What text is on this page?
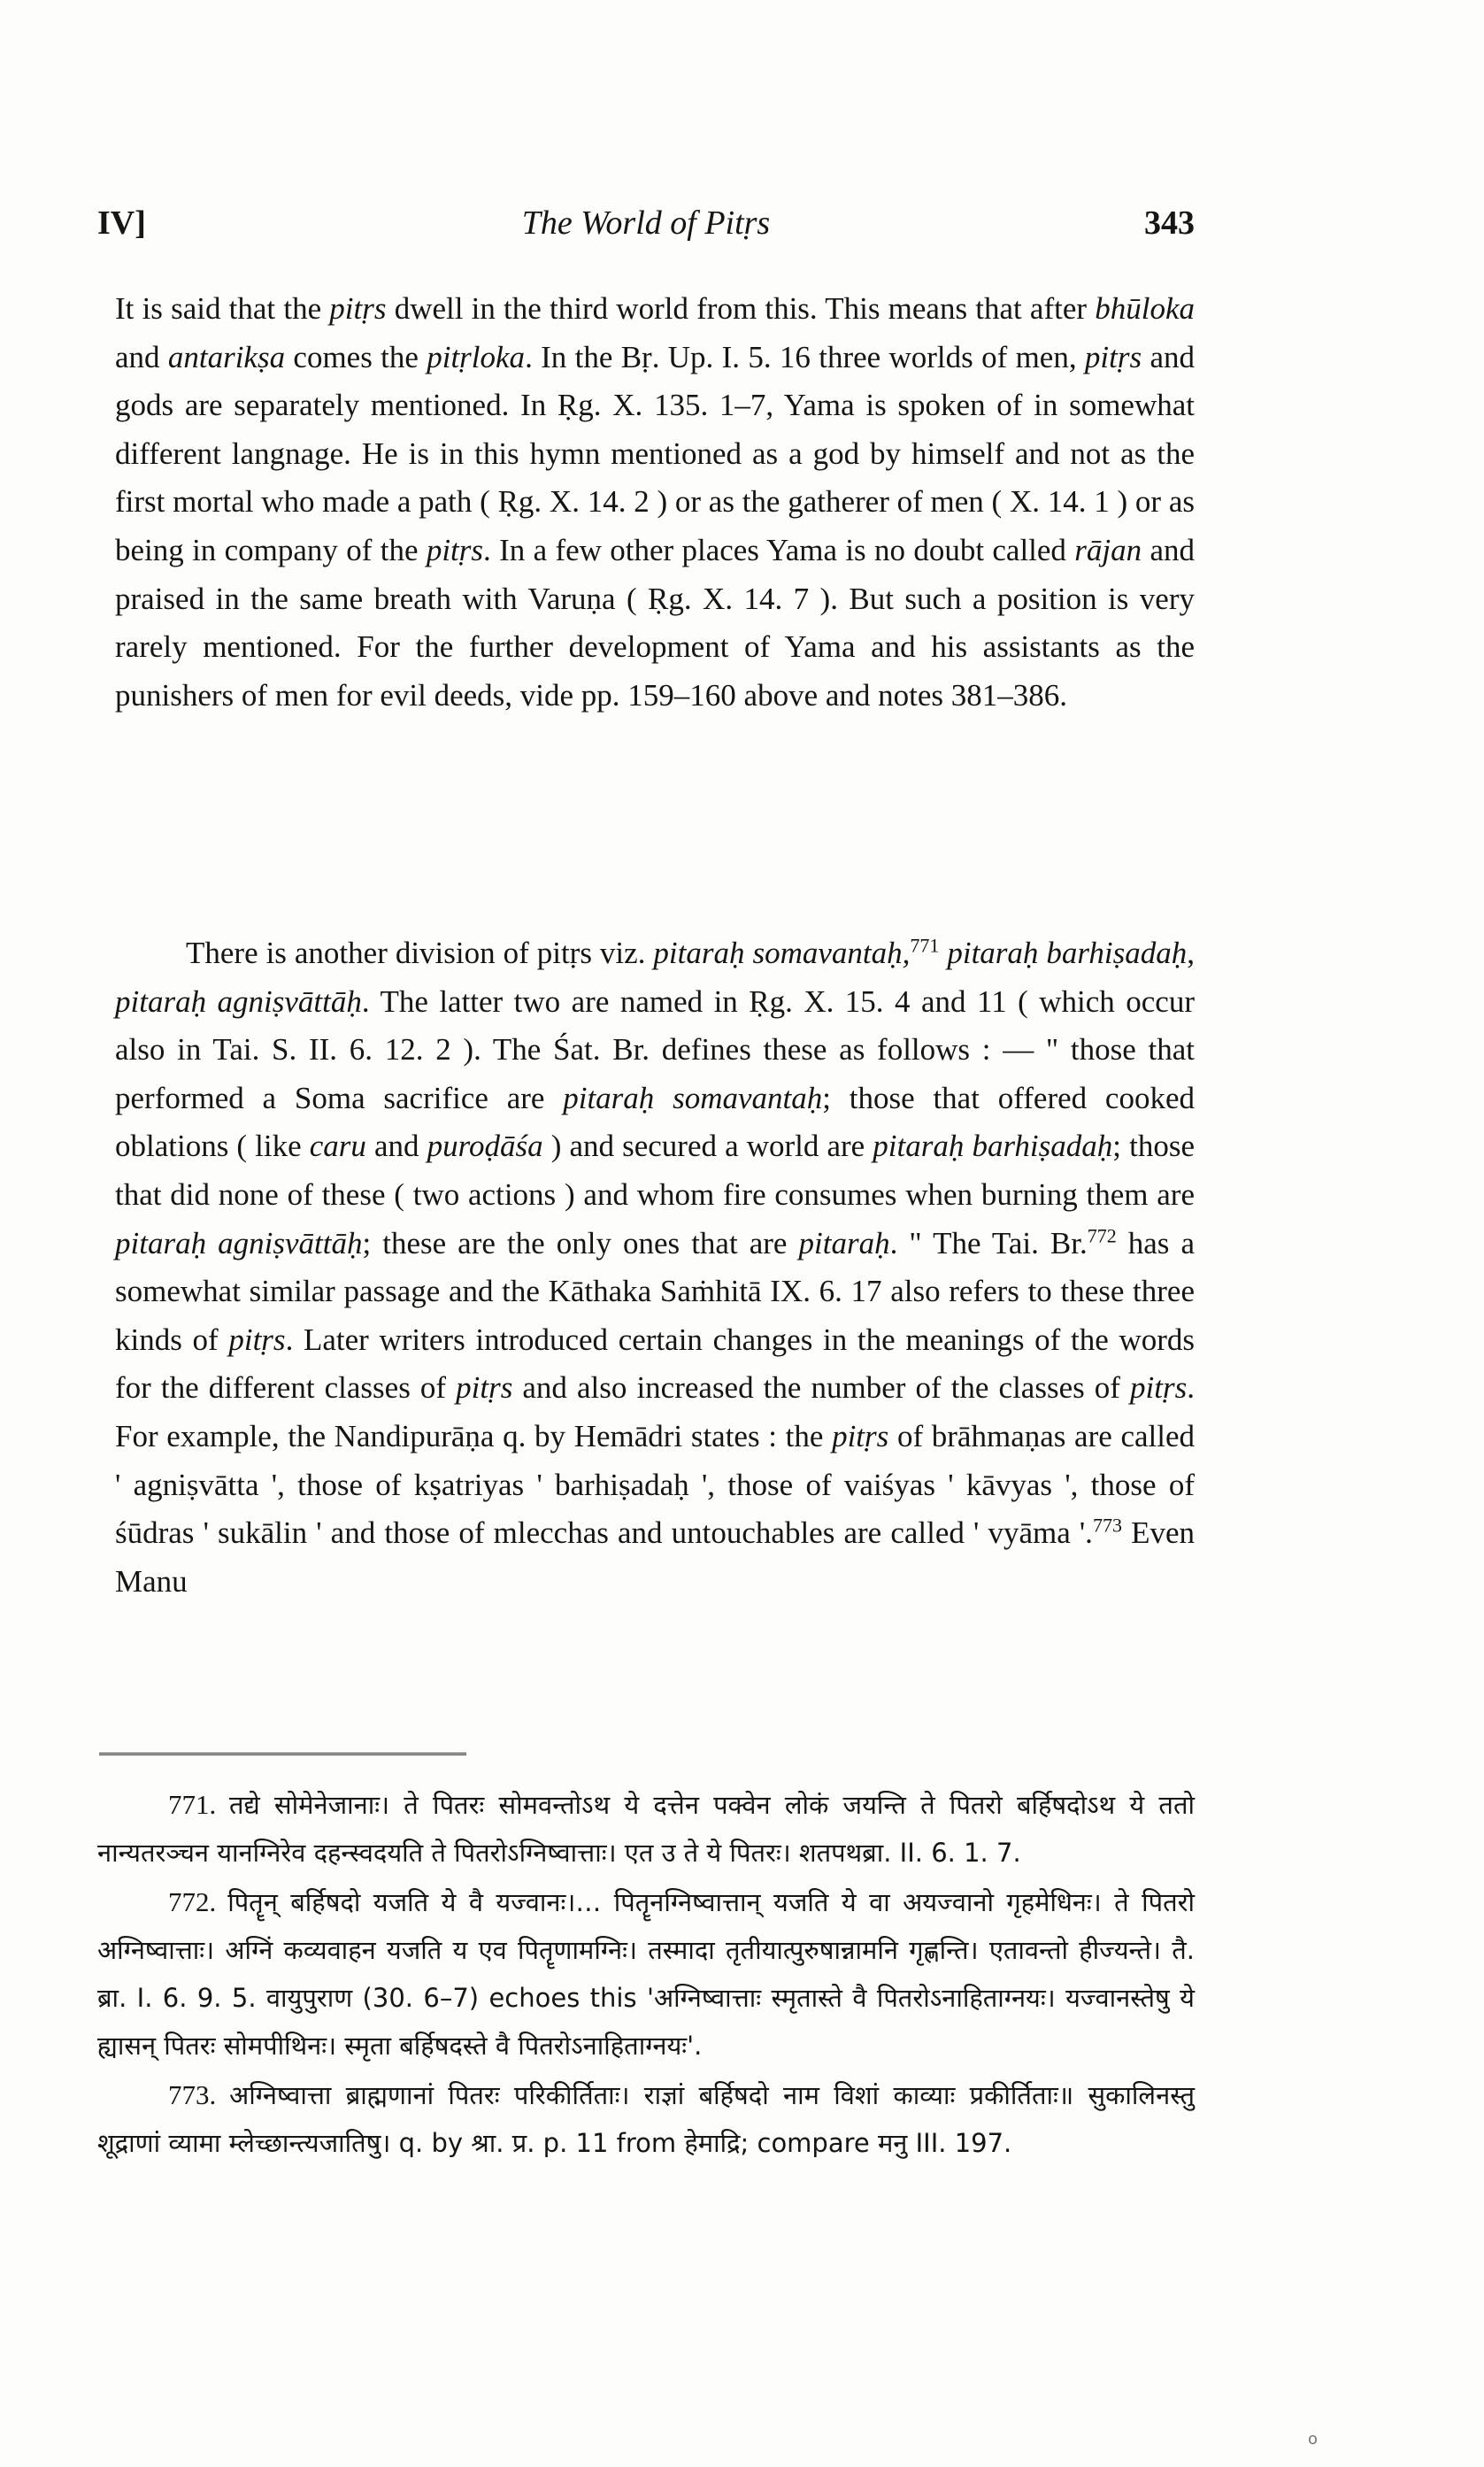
IV]	The World of Pitṛs	343

It is said that the pitṛs dwell in the third world from this. This means that after bhūloka and antarikṣa comes the pitṛloka. In the Bṛ. Up. I. 5. 16 three worlds of men, pitṛs and gods are separately mentioned. In Ṛg. X. 135. 1–7, Yama is spoken of in somewhat different langnage. He is in this hymn mentioned as a god by himself and not as the first mortal who made a path ( Ṛg. X. 14. 2 ) or as the gatherer of men ( X. 14. 1 ) or as being in company of the pitṛs. In a few other places Yama is no doubt called rājan and praised in the same breath with Varuṇa ( Ṛg. X. 14. 7 ). But such a position is very rarely mentioned. For the further development of Yama and his assistants as the punishers of men for evil deeds, vide pp. 159–160 above and notes 381–386.

There is another division of pitṛs viz. pitaraḥ somavantaḥ,$^{771}$ pitaraḥ barhiṣadaḥ, pitaraḥ agniṣvāttāḥ. The latter two are named in Ṛg. X. 15. 4 and 11 ( which occur also in Tai. S. II. 6. 12. 2 ). The Śat. Br. defines these as follows : — " those that performed a Soma sacrifice are pitaraḥ somavantaḥ; those that offered cooked oblations ( like caru and puroḍāśa ) and secured a world are pitaraḥ barhiṣadaḥ; those that did none of these ( two actions ) and whom fire consumes when burning them are pitaraḥ agniṣvāttāḥ; these are the only ones that are pitaraḥ. " The Tai. Br.$^{772}$ has a somewhat similar passage and the Kāthaka Saṁhitā IX. 6. 17 also refers to these three kinds of pitṛs. Later writers introduced certain changes in the meanings of the words for the different classes of pitṛs and also increased the number of the classes of pitṛs. For example, the Nandipurāṇa q. by Hemādri states : the pitṛs of brāhmaṇas are called ' agniṣvātta ', those of kṣatriyas ' barhiṣadaḥ ', those of vaiśyas ' kāvyas ', those of śūdras ' sukālin ' and those of mlecchas and untouchables are called ' vyāma '.$^{773}$ Even Manu

771. तद्ये सोमेनेजानाः। ते पितरः सोमवन्तोऽथ ये दत्तेन पक्वेन लोकं जयन्ति ते पितरो बर्हिषदोऽथ ये ततो नान्यतरञ्चन यानग्निरेव दहन्स्वदयति ते पितरोऽग्निष्वात्ताः। एत उ ते ये पितरः। शतपथब्रा. II. 6. 1. 7.

772. पितॄन् बर्हिषदो यजति ये वै यज्वानः।… पितॄनग्निष्वात्तान् यजति ये वा अयज्वानो गृहमेधिनः। ते पितरो अग्निष्वात्ताः। अग्निं कव्यवाहन यजति य एव पितॄणामग्निः। तस्मादा तृतीयात्पुरुषान्नामनि गृह्णन्ति। एतावन्तो हीज्यन्ते। तै. ब्रा. I. 6. 9. 5. वायुपुराण (30. 6–7) echoes this 'अग्निष्वात्ताः स्मृतास्ते वै पितरोऽनाहिताग्नयः। यज्वानस्तेषु ये ह्यासन् पितरः सोमपीथिनः। स्मृता बर्हिषदस्ते वै पितरोऽनाहिताग्नयः'.

773. अग्निष्वात्ता ब्राह्मणानां पितरः परिकीर्तिताः। राज्ञां बर्हिषदो नाम विशां काव्याः प्रकीर्तिताः॥ सुकालिनस्तु शूद्राणां व्यामा म्लेच्छान्त्यजातिषु। q. by श्रा. प्र. p. 11 from हेमाद्रि; compare मनु III. 197.

o
